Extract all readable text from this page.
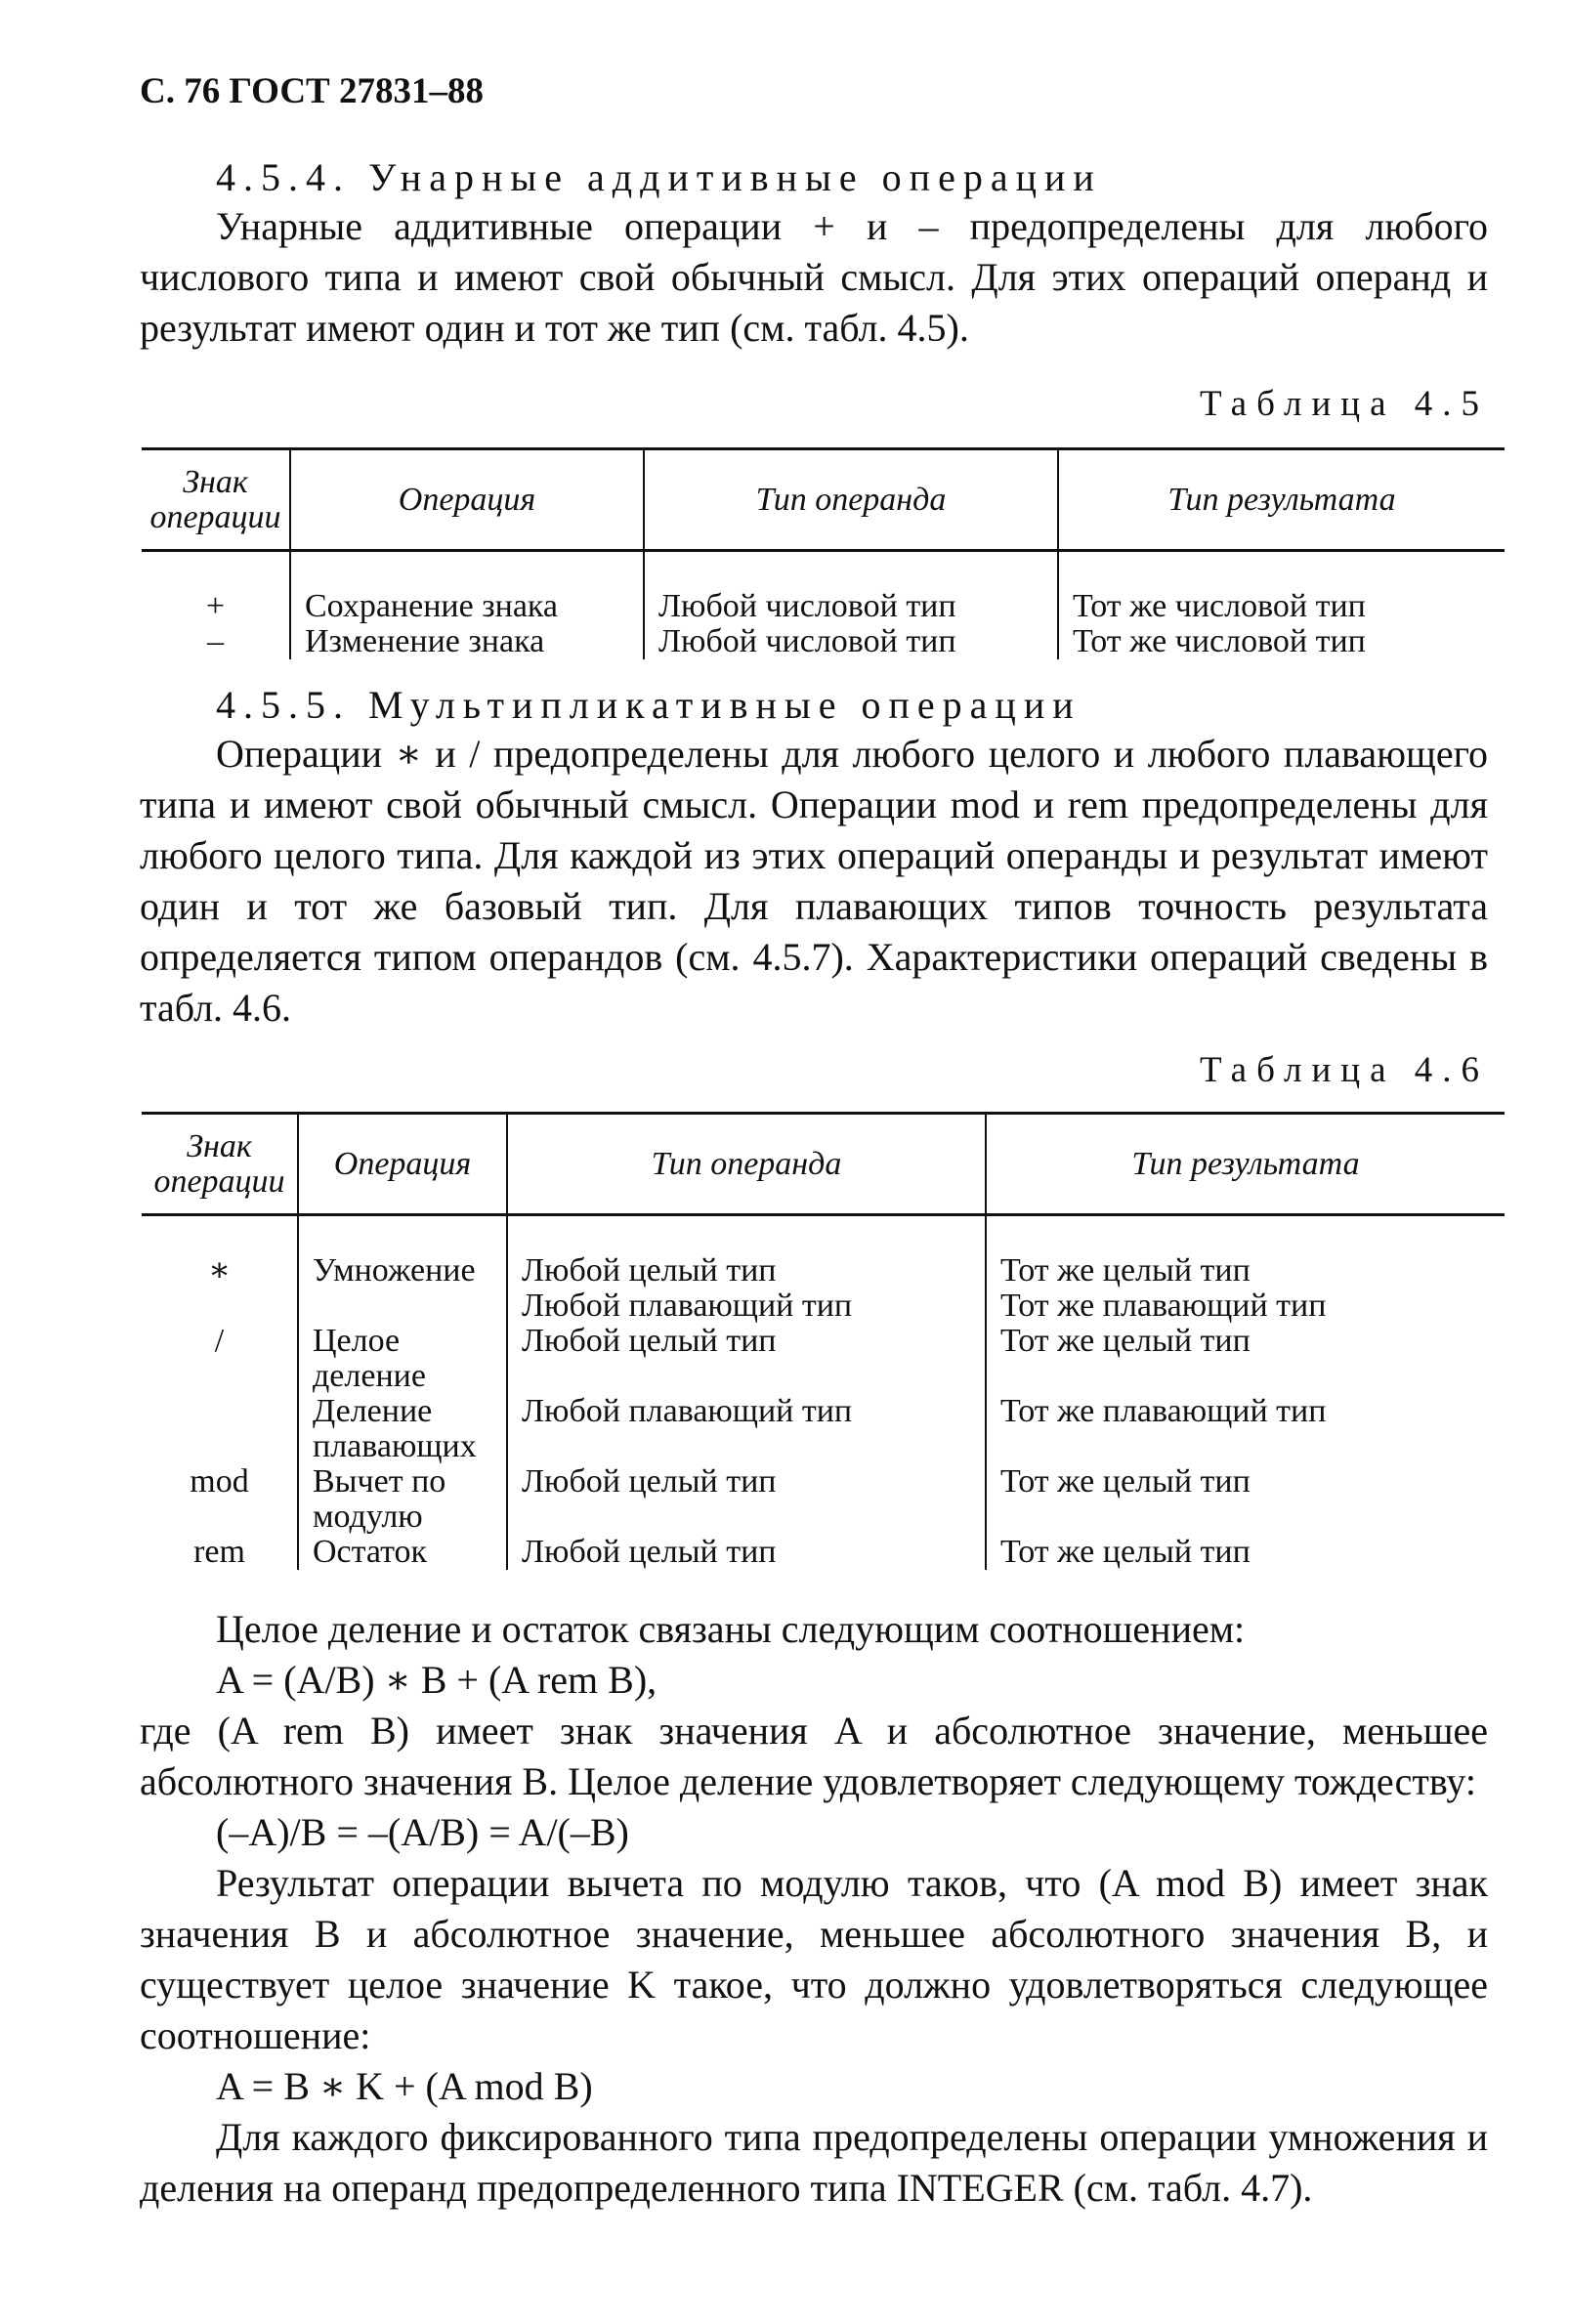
С. 76 ГОСТ 27831–88
4.5.4. Унарные аддитивные операции
Унарные аддитивные операции + и – предопределены для любого числового типа и имеют свой обычный смысл. Для этих операций операнд и результат имеют один и тот же тип (см. табл. 4.5).
Таблица 4.5
Знак операции	Операция	Тип операнда	Тип результата
+	Сохранение знака	Любой числовой тип	Тот же числовой тип
–	Изменение знака	Любой числовой тип	Тот же числовой тип
4.5.5. Мультипликативные операции
Операции ∗ и / предопределены для любого целого и любого плавающего типа и имеют свой обычный смысл. Операции mod и rem предопределены для любого целого типа. Для каждой из этих операций операнды и результат имеют один и тот же базовый тип. Для плавающих типов точность результата определяется типом операндов (см. 4.5.7). Характеристики операций сведены в табл. 4.6.
Таблица 4.6
Знак операции	Операция	Тип операнда	Тип результата
∗	Умножение	Любой целый тип	Тот же целый тип
		Любой плавающий тип	Тот же плавающий тип
/	Целое деление	Любой целый тип	Тот же целый тип
	Деление плавающих	Любой плавающий тип	Тот же плавающий тип
mod	Вычет по модулю	Любой целый тип	Тот же целый тип
rem	Остаток	Любой целый тип	Тот же целый тип
Целое деление и остаток связаны следующим соотношением:
A = (A/B) ∗ B + (A rem B),
где (A rem B) имеет знак значения A и абсолютное значение, меньшее абсолютного значения B. Целое деление удовлетворяет следующему тождеству:
(–A)/B = –(A/B) = A/(–B)
Результат операции вычета по модулю таков, что (A mod B) имеет знак значения B и абсолютное значение, меньшее абсолютного значения B, и существует целое значение K такое, что должно удовлетворяться следующее соотношение:
A = B ∗ K + (A mod B)
Для каждого фиксированного типа предопределены операции умножения и деления на операнд предопределенного типа INTEGER (см. табл. 4.7).
